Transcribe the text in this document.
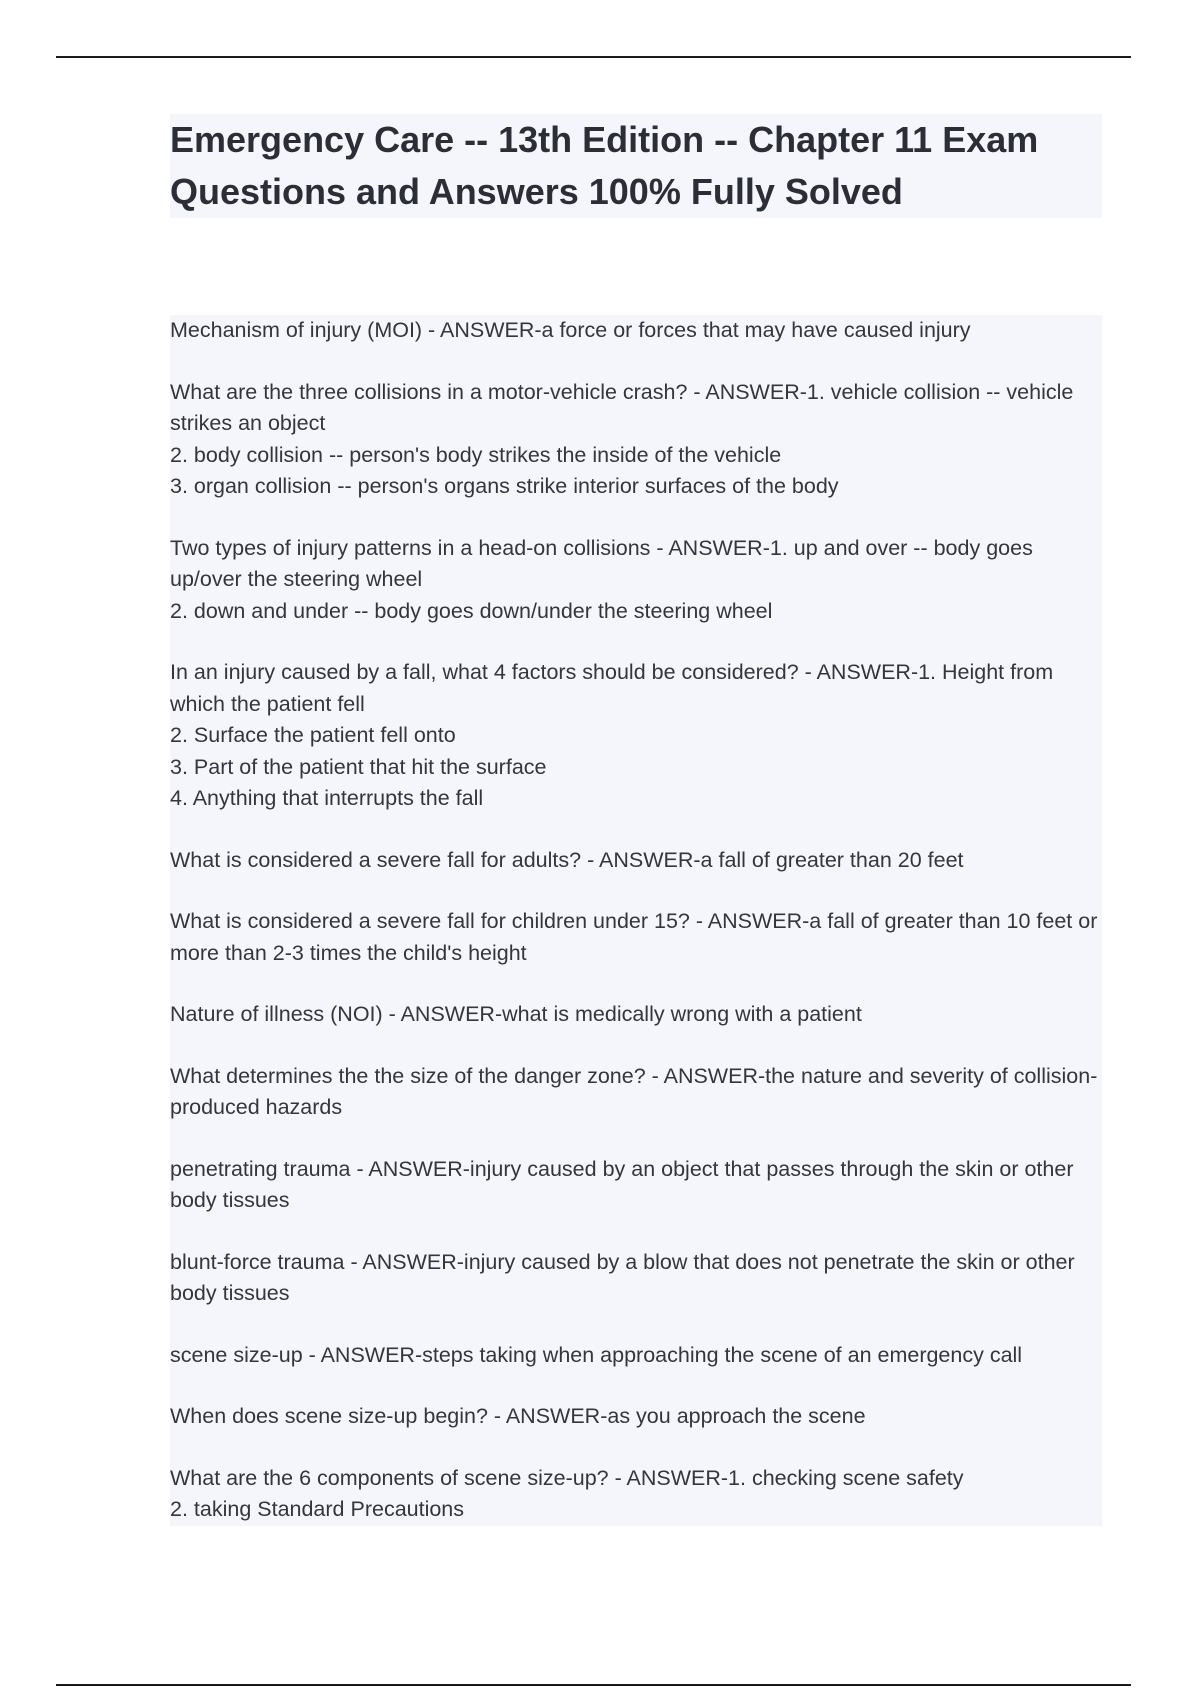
Emergency Care -- 13th Edition -- Chapter 11 Exam Questions and Answers 100% Fully Solved

Mechanism of injury (MOI) - ANSWER-a force or forces that may have caused injury

What are the three collisions in a motor-vehicle crash? - ANSWER-1. vehicle collision -- vehicle strikes an object
2. body collision -- person's body strikes the inside of the vehicle
3. organ collision -- person's organs strike interior surfaces of the body

Two types of injury patterns in a head-on collisions - ANSWER-1. up and over -- body goes up/over the steering wheel
2. down and under -- body goes down/under the steering wheel

In an injury caused by a fall, what 4 factors should be considered? - ANSWER-1. Height from which the patient fell
2. Surface the patient fell onto
3. Part of the patient that hit the surface
4. Anything that interrupts the fall

What is considered a severe fall for adults? - ANSWER-a fall of greater than 20 feet

What is considered a severe fall for children under 15? - ANSWER-a fall of greater than 10 feet or more than 2-3 times the child's height

Nature of illness (NOI) - ANSWER-what is medically wrong with a patient

What determines the the size of the danger zone? - ANSWER-the nature and severity of collision-produced hazards

penetrating trauma - ANSWER-injury caused by an object that passes through the skin or other body tissues

blunt-force trauma - ANSWER-injury caused by a blow that does not penetrate the skin or other body tissues

scene size-up - ANSWER-steps taking when approaching the scene of an emergency call

When does scene size-up begin? - ANSWER-as you approach the scene

What are the 6 components of scene size-up? - ANSWER-1. checking scene safety
2. taking Standard Precautions
